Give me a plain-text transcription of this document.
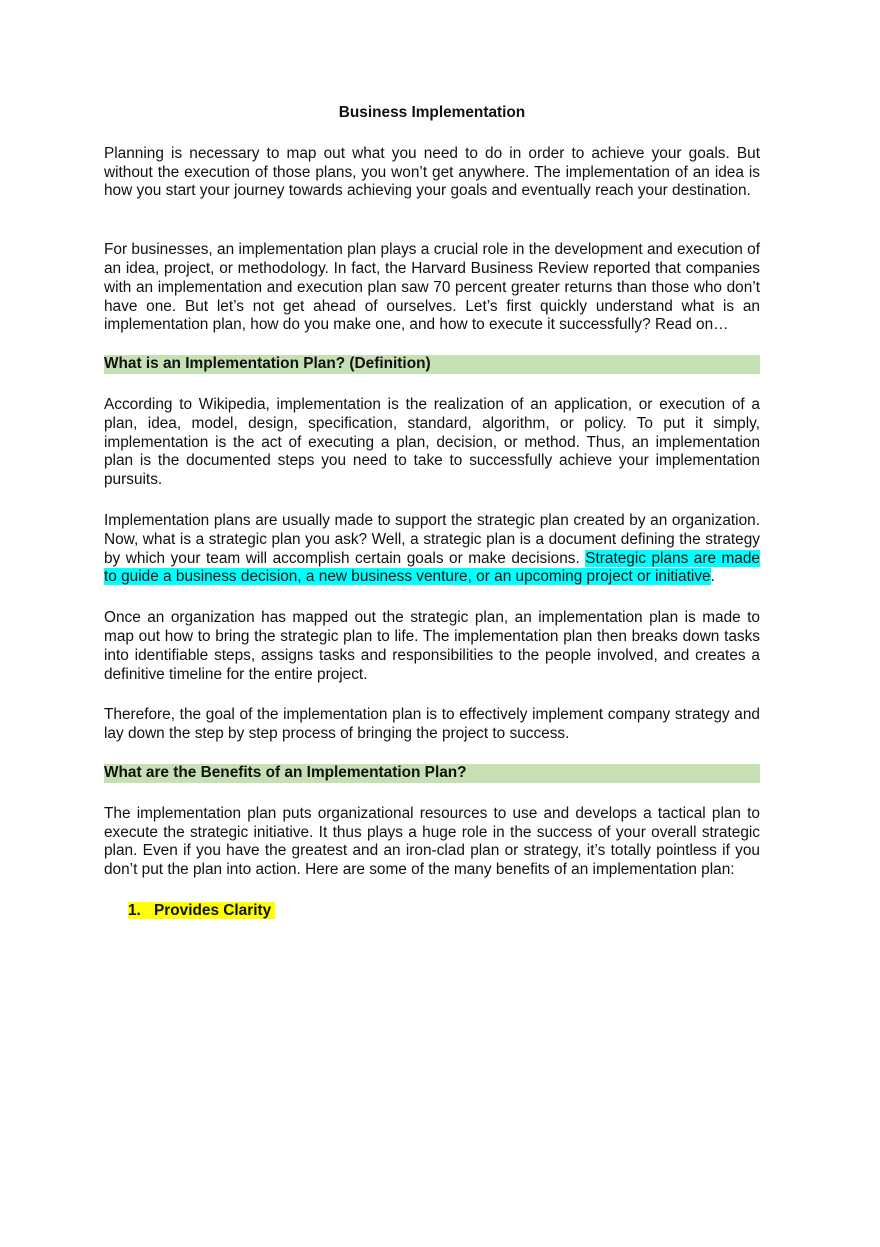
Business Implementation

Planning is necessary to map out what you need to do in order to achieve your goals. But without the execution of those plans, you won’t get anywhere. The implementation of an idea is how you start your journey towards achieving your goals and eventually reach your destination.

For businesses, an implementation plan plays a crucial role in the development and execution of an idea, project, or methodology. In fact, the Harvard Business Review reported that companies with an implementation and execution plan saw 70 percent greater returns than those who don’t have one. But let’s not get ahead of ourselves. Let’s first quickly understand what is an implementation plan, how do you make one, and how to execute it successfully? Read on…

What is an Implementation Plan? (Definition)

According to Wikipedia, implementation is the realization of an application, or execution of a plan, idea, model, design, specification, standard, algorithm, or policy. To put it simply, implementation is the act of executing a plan, decision, or method. Thus, an implementation plan is the documented steps you need to take to successfully achieve your implementation pursuits.

Implementation plans are usually made to support the strategic plan created by an organization. Now, what is a strategic plan you ask? Well, a strategic plan is a document defining the strategy by which your team will accomplish certain goals or make decisions. Strategic plans are made to guide a business decision, a new business venture, or an upcoming project or initiative.

Once an organization has mapped out the strategic plan, an implementation plan is made to map out how to bring the strategic plan to life. The implementation plan then breaks down tasks into identifiable steps, assigns tasks and responsibilities to the people involved, and creates a definitive timeline for the entire project.

Therefore, the goal of the implementation plan is to effectively implement company strategy and lay down the step by step process of bringing the project to success.

What are the Benefits of an Implementation Plan?

The implementation plan puts organizational resources to use and develops a tactical plan to execute the strategic initiative. It thus plays a huge role in the success of your overall strategic plan. Even if you have the greatest and an iron-clad plan or strategy, it’s totally pointless if you don’t put the plan into action. Here are some of the many benefits of an implementation plan:

1. Provides Clarity
